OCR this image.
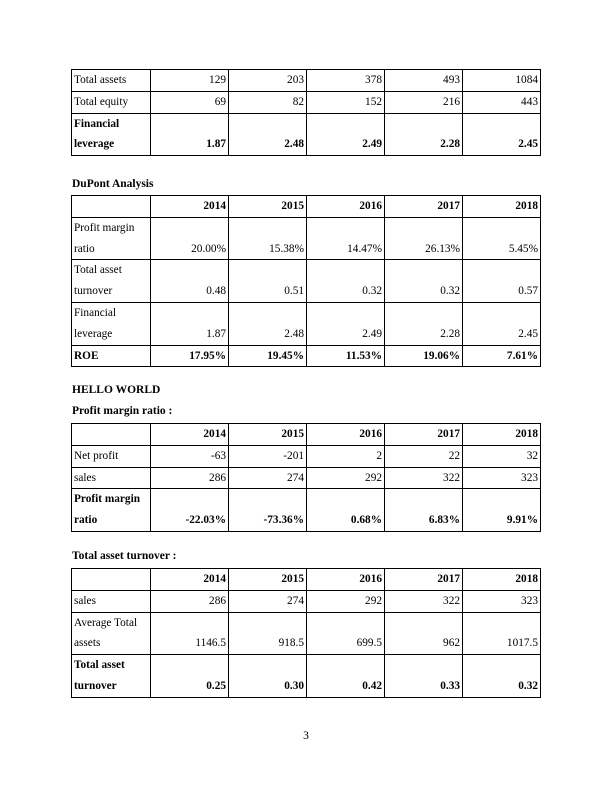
Total assets	129	203	378	493	1084
Total equity	69	82	152	216	443

Financial
leverage	1.87	2.48	2.49	2.28	2.45
DuPont Analysis
	2014	2015	2016	2017	2018

Profit margin
ratio	20.00%	15.38%	14.47%	26.13%	5.45%

Total asset
turnover	0.48	0.51	0.32	0.32	0.57

Financial
leverage	1.87	2.48	2.49	2.28	2.45
ROE	17.95%	19.45%	11.53%	19.06%	7.61%
HELLO WORLD
Profit margin ratio :
	2014	2015	2016	2017	2018
Net profit	-63	-201	2	22	32
sales	286	274	292	322	323

Profit margin
ratio	-22.03%	-73.36%	0.68%	6.83%	9.91%
Total asset turnover :
	2014	2015	2016	2017	2018
sales	286	274	292	322	323

Average Total
assets	1146.5	918.5	699.5	962	1017.5

Total asset
turnover	0.25	0.30	0.42	0.33	0.32
3
